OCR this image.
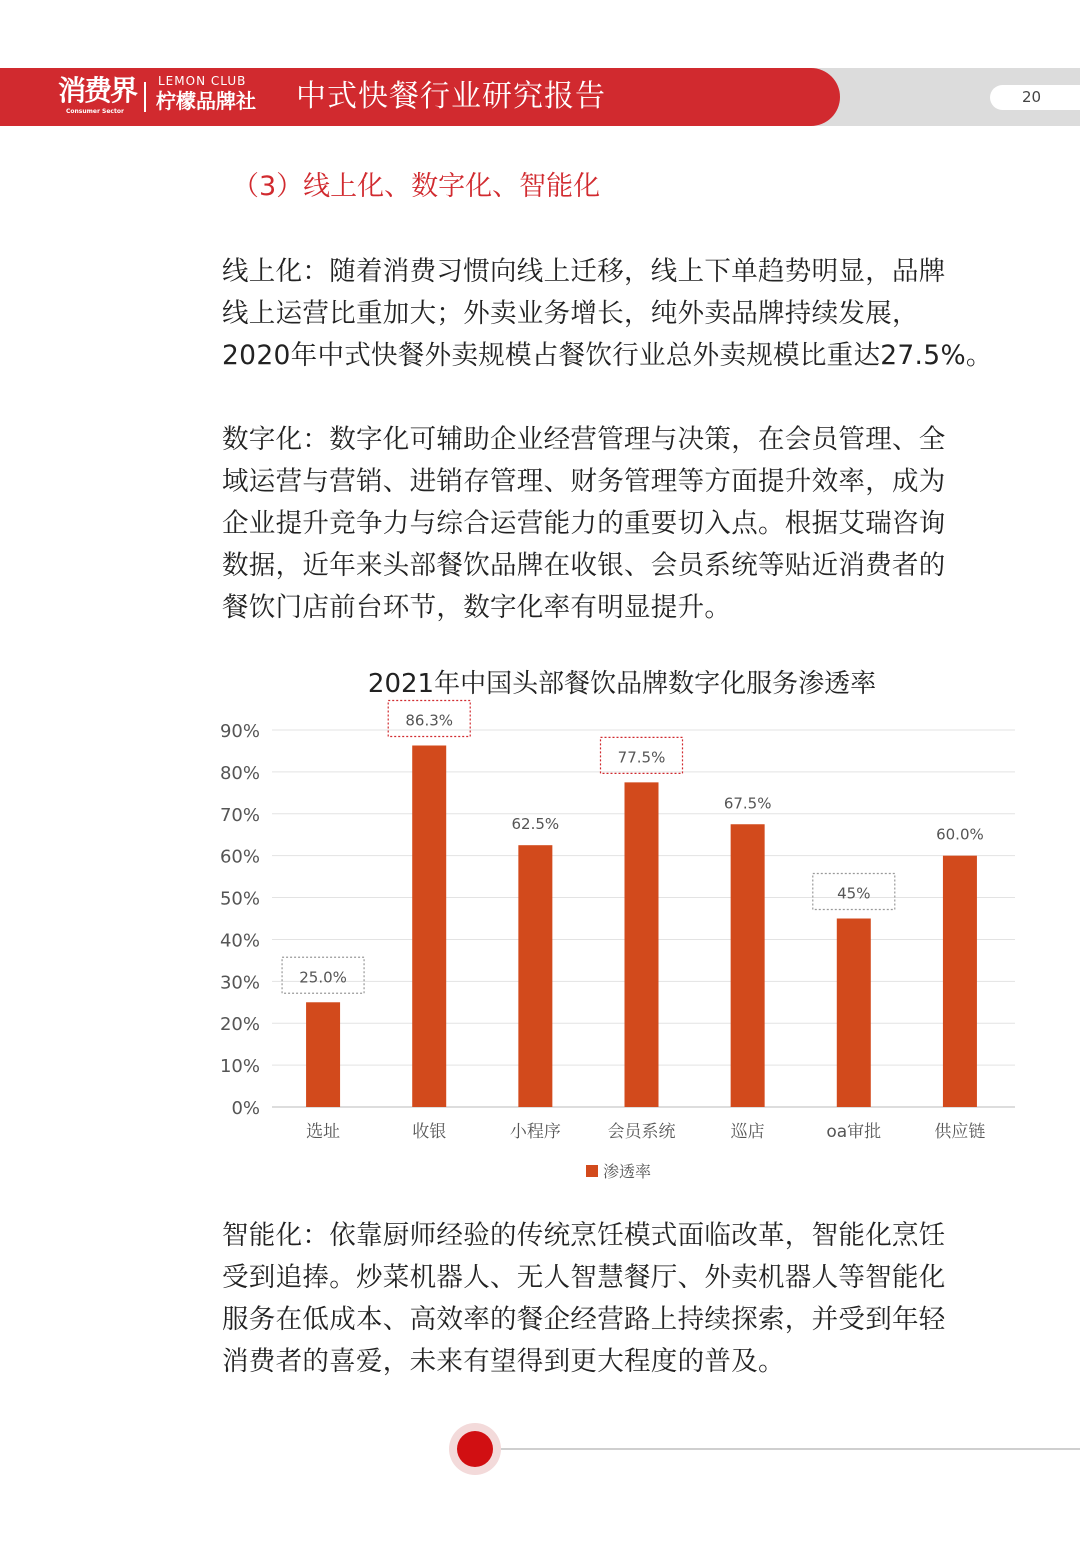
消费界
Consumer Sector
LEMON CLUB
柠檬品牌社 中式快餐行业研究报告	20
（3）线上化、数字化、智能化

线上化：随着消费习惯向线上迁移，线上下单趋势明显，品牌
线上运营比重加大；外卖业务增长，纯外卖品牌持续发展，
2020年中式快餐外卖规模占餐饮行业总外卖规模比重达27.5%。

数字化：数字化可辅助企业经营管理与决策，在会员管理、全
域运营与营销、进销存管理、财务管理等方面提升效率，成为
企业提升竞争力与综合运营能力的重要切入点。根据艾瑞咨询
数据，近年来头部餐饮品牌在收银、会员系统等贴近消费者的
餐饮门店前台环节，数字化率有明显提升。

2021年中国头部餐饮品牌数字化服务渗透率
0%
10%
20%
30%
40%
50%
60%
70%
80%
90%
选址
25.0%
收银
86.3%
小程序
62.5%
会员系统
77.5%
巡店
67.5%
oa审批
45%
供应链
60.0%
渗透率

智能化：依靠厨师经验的传统烹饪模式面临改革，智能化烹饪
受到追捧。炒菜机器人、无人智慧餐厅、外卖机器人等智能化
服务在低成本、高效率的餐企经营路上持续探索，并受到年轻
消费者的喜爱，未来有望得到更大程度的普及。
